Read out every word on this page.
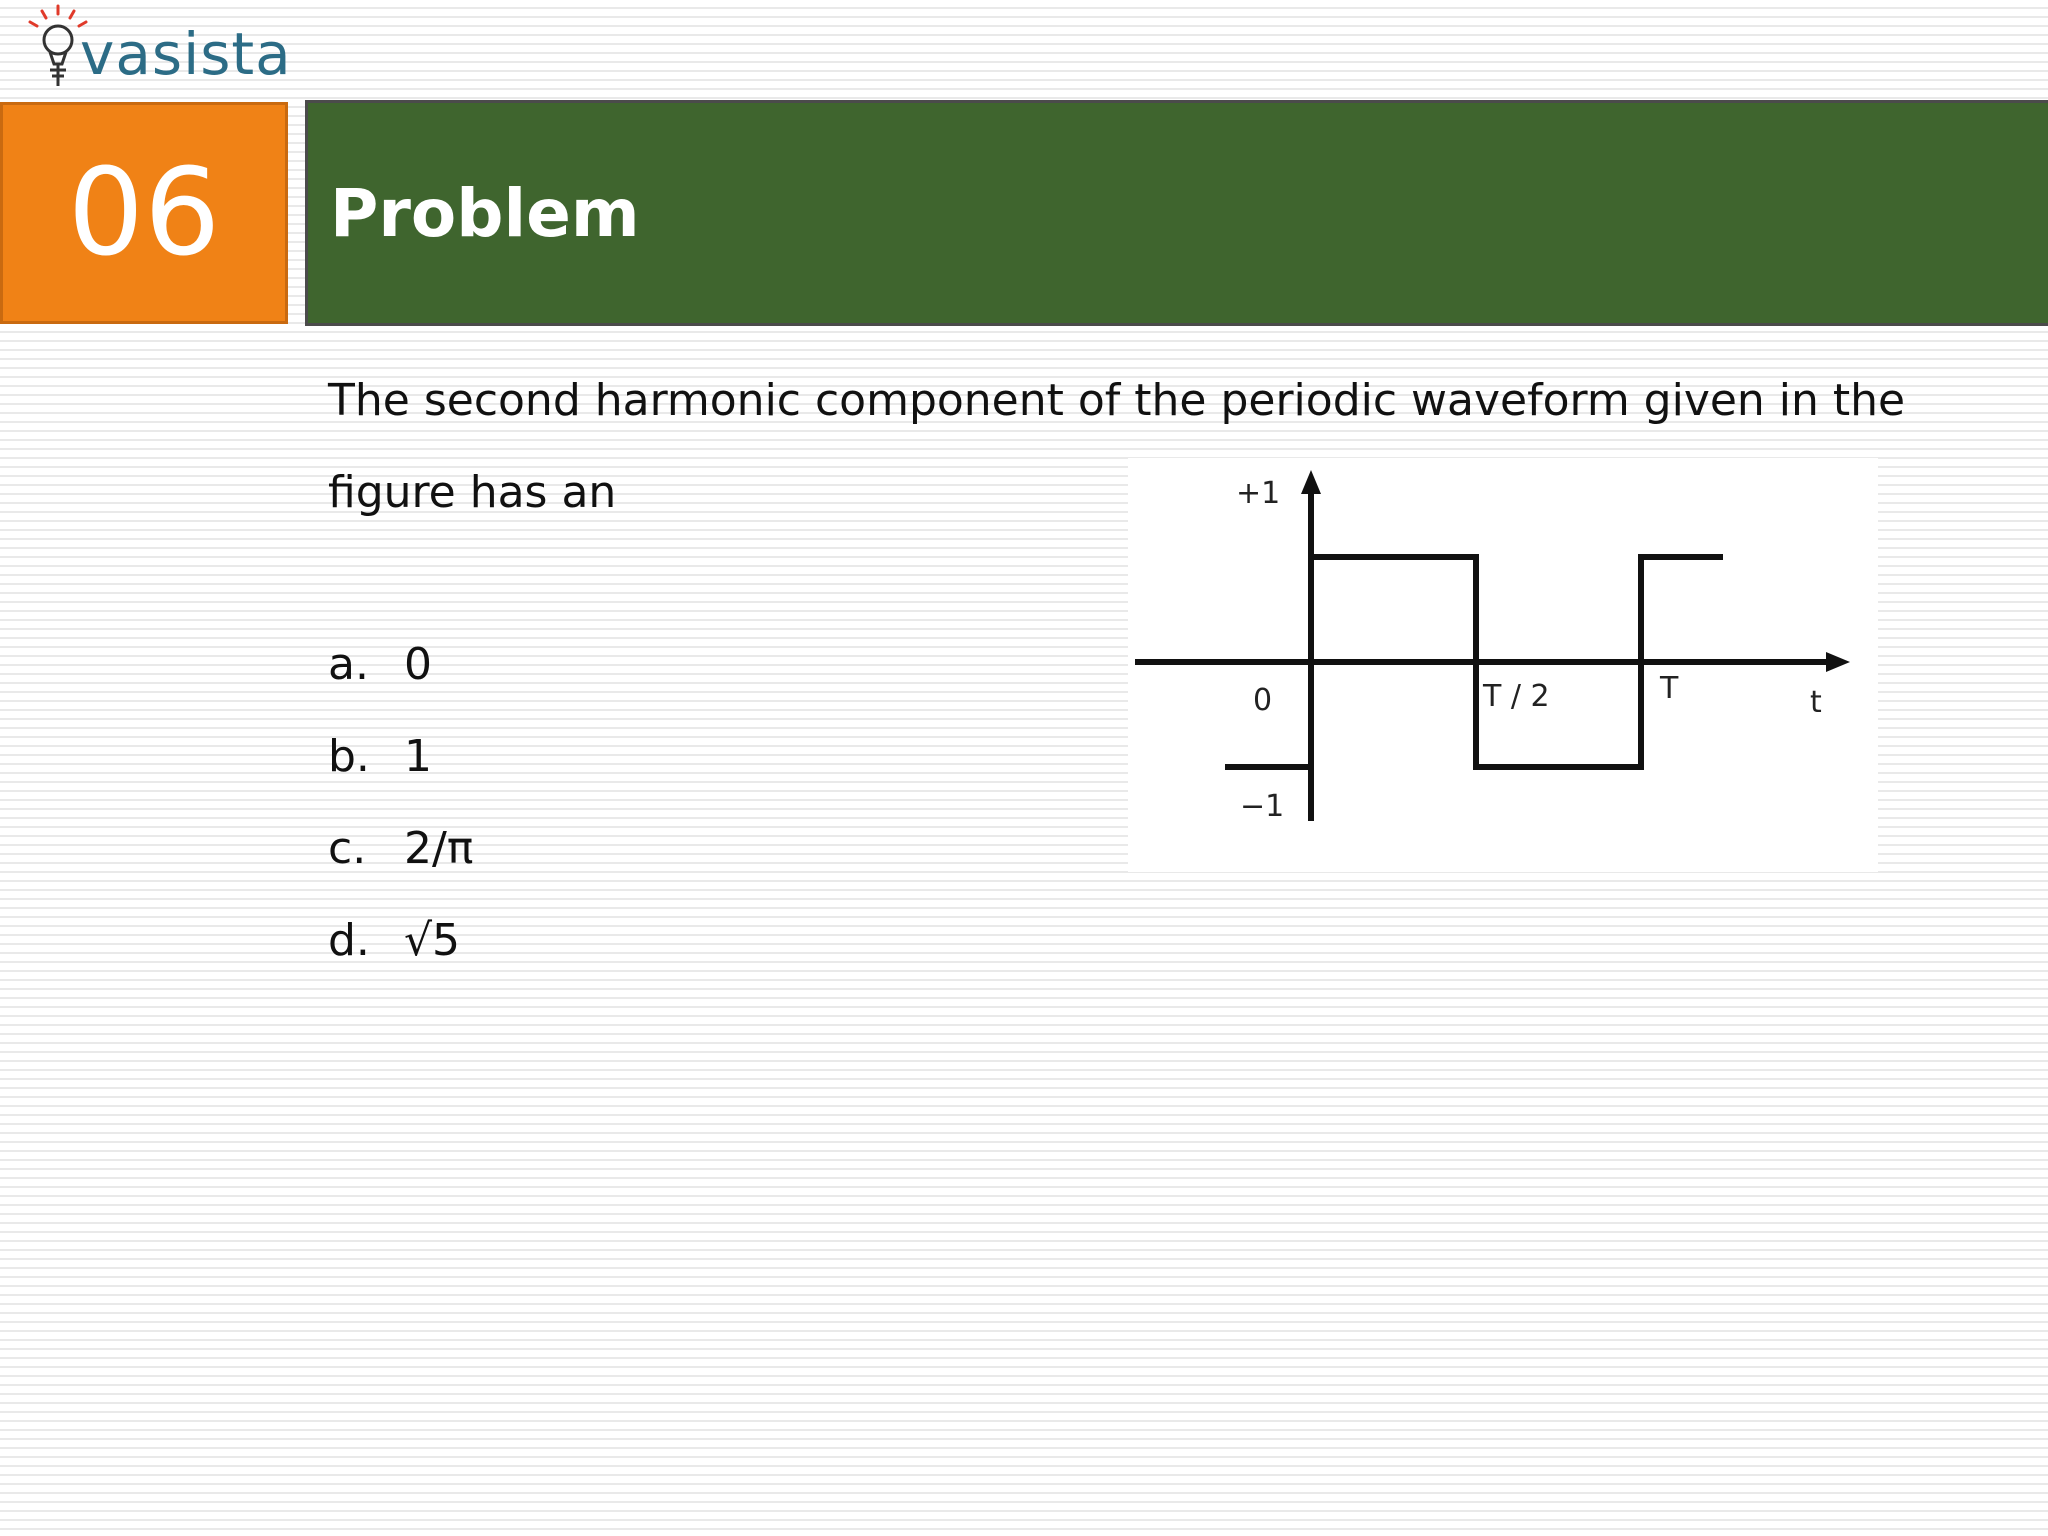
vasista
06 Problem
The second harmonic component of the periodic waveform given in the figure has an
a. 0
b. 1
c. 2/π
d. √5
+1
−1
0	T / 2	T	t
